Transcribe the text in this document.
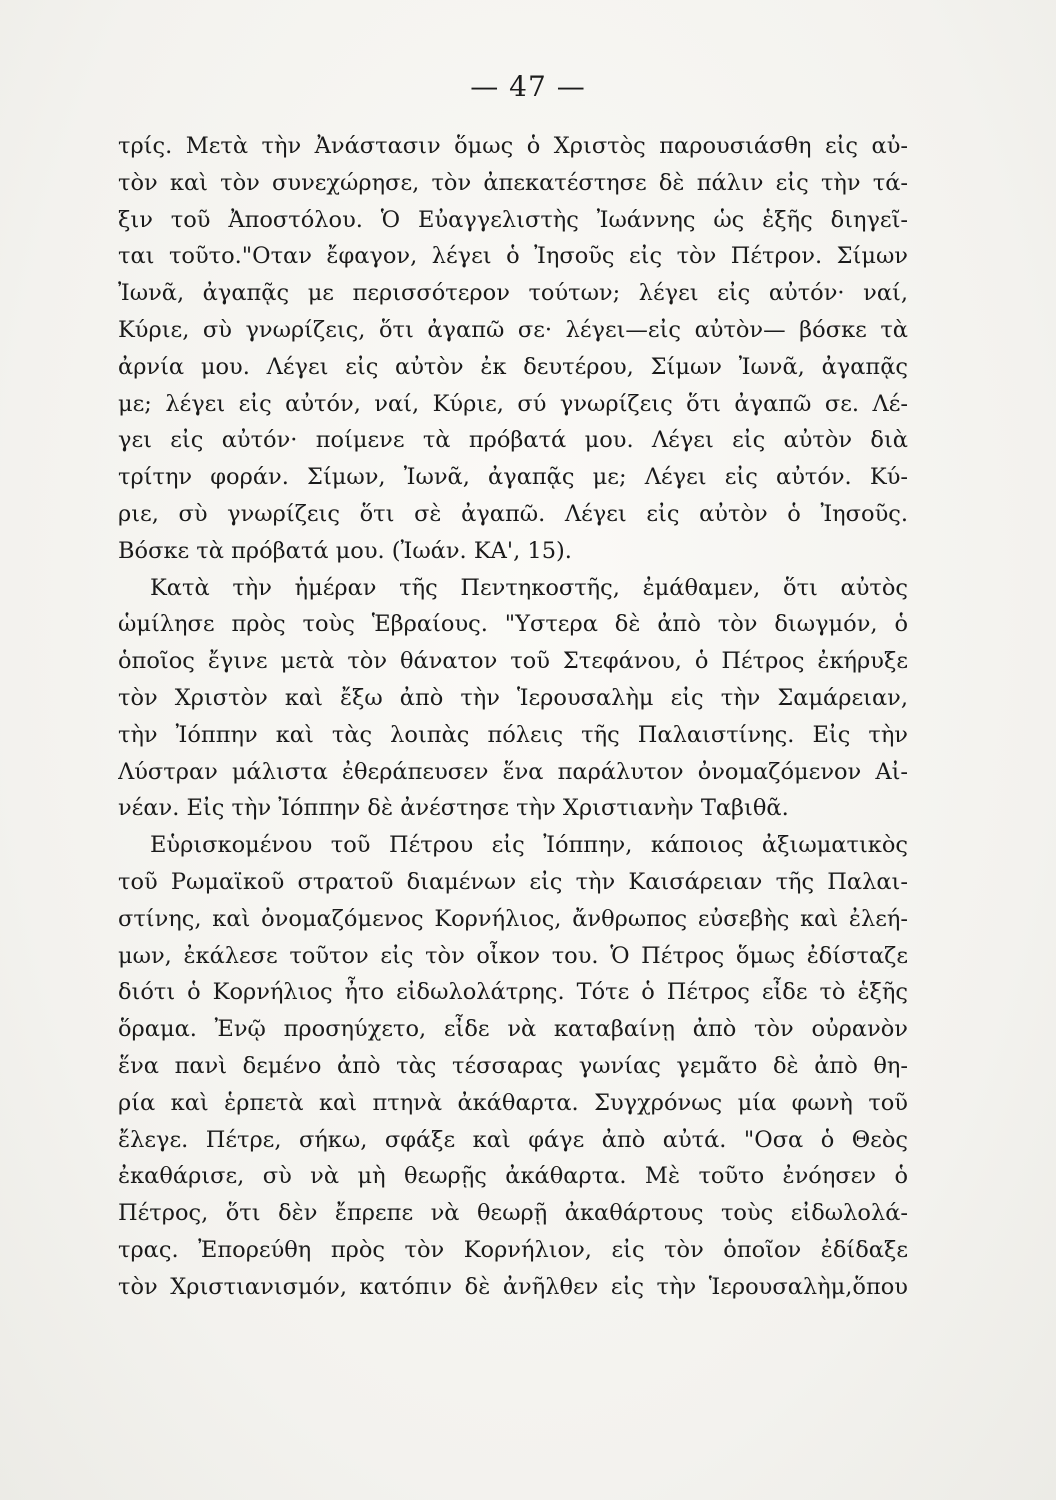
— 47 —
τρίς. Μετὰ τὴν Ἀνάστασιν ὅμως ὁ Χριστὸς παρουσιάσθη εἰς αὐ-
τὸν καὶ τὸν συνεχώρησε, τὸν ἀπεκατέστησε δὲ πάλιν εἰς τὴν τά-
ξιν τοῦ Ἀποστόλου. Ὁ Εὐαγγελιστὴς Ἰωάννης ὡς ἑξῆς διηγεῖ-
ται τοῦτο."Οταν ἔφαγον, λέγει ὁ Ἰησοῦς εἰς τὸν Πέτρον. Σίμων
Ἰωνᾶ, ἀγαπᾷς με περισσότερον τούτων; λέγει εἰς αὐτόν· ναί,
Κύριε, σὺ γνωρίζεις, ὅτι ἀγαπῶ σε· λέγει—εἰς αὐτὸν— βόσκε τὰ
ἀρνία μου. Λέγει εἰς αὐτὸν ἐκ δευτέρου, Σίμων Ἰωνᾶ, ἀγαπᾷς
με; λέγει εἰς αὐτόν, ναί, Κύριε, σύ γνωρίζεις ὅτι ἀγαπῶ σε. Λέ-
γει εἰς αὐτόν· ποίμενε τὰ πρόβατά μου. Λέγει εἰς αὐτὸν διὰ
τρίτην φοράν. Σίμων, Ἰωνᾶ, ἀγαπᾷς με; Λέγει εἰς αὐτόν. Κύ-
ριε, σὺ γνωρίζεις ὅτι σὲ ἀγαπῶ. Λέγει εἰς αὐτὸν ὁ Ἰησοῦς.
Βόσκε τὰ πρόβατά μου. (Ἰωάν. ΚΑ', 15).
Κατὰ τὴν ἡμέραν τῆς Πεντηκοστῆς, ἐμάθαμεν, ὅτι αὐτὸς
ὡμίλησε πρὸς τοὺς Ἑβραίους. "Υστερα δὲ ἀπὸ τὸν διωγμόν, ὁ
ὁποῖος ἔγινε μετὰ τὸν θάνατον τοῦ Στεφάνου, ὁ Πέτρος ἐκήρυξε
τὸν Χριστὸν καὶ ἔξω ἀπὸ τὴν Ἱερουσαλὴμ εἰς τὴν Σαμάρειαν,
τὴν Ἰόππην καὶ τὰς λοιπὰς πόλεις τῆς Παλαιστίνης. Εἰς τὴν
Λύστραν μάλιστα ἐθεράπευσεν ἕνα παράλυτον ὀνομαζόμενον Αἰ-
νέαν. Εἰς τὴν Ἰόππην δὲ ἀνέστησε τὴν Χριστιανὴν Ταβιθᾶ.
Εὑρισκομένου τοῦ Πέτρου εἰς Ἰόππην, κάποιος ἀξιωματικὸς
τοῦ Ρωμαϊκοῦ στρατοῦ διαμένων εἰς τὴν Καισάρειαν τῆς Παλαι-
στίνης, καὶ ὀνομαζόμενος Κορνήλιος, ἄνθρωπος εὐσεβὴς καὶ ἐλεή-
μων, ἐκάλεσε τοῦτον εἰς τὸν οἶκον του. Ὁ Πέτρος ὅμως ἐδίσταζε
διότι ὁ Κορνήλιος ἦτο εἰδωλολάτρης. Τότε ὁ Πέτρος εἶδε τὸ ἑξῆς
ὅραμα. Ἐνῷ προσηύχετο, εἶδε νὰ καταβαίνῃ ἀπὸ τὸν οὐρανὸν
ἕνα πανὶ δεμένο ἀπὸ τὰς τέσσαρας γωνίας γεμᾶτο δὲ ἀπὸ θη-
ρία καὶ ἑρπετὰ καὶ πτηνὰ ἀκάθαρτα. Συγχρόνως μία φωνὴ τοῦ
ἔλεγε. Πέτρε, σήκω, σφάξε καὶ φάγε ἀπὸ αὐτά. "Οσα ὁ Θεὸς
ἐκαθάρισε, σὺ νὰ μὴ θεωρῇς ἀκάθαρτα. Μὲ τοῦτο ἐνόησεν ὁ
Πέτρος, ὅτι δὲν ἔπρεπε νὰ θεωρῇ ἀκαθάρτους τοὺς εἰδωλολά-
τρας. Ἐπορεύθη πρὸς τὸν Κορνήλιον, εἰς τὸν ὁποῖον ἐδίδαξε
τὸν Χριστιανισμόν, κατόπιν δὲ ἀνῆλθεν εἰς τὴν Ἱερουσαλὴμ,ὅπου
